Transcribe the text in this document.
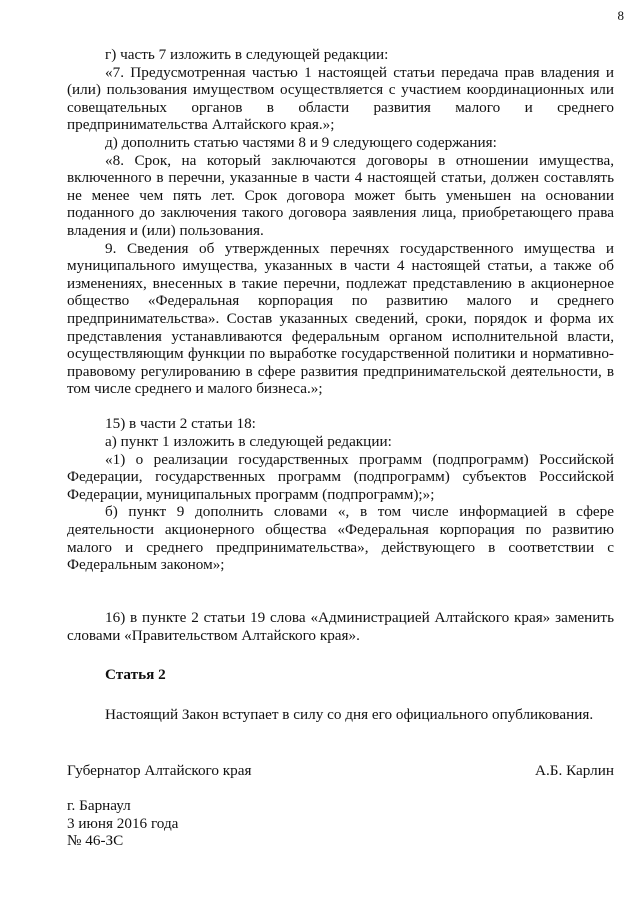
8

г) часть 7 изложить в следующей редакции:

«7. Предусмотренная частью 1 настоящей статьи передача прав владения и (или) пользования имуществом осуществляется с участием координационных или совещательных органов в области развития малого и среднего предпринимательства Алтайского края.»;

д) дополнить статью частями 8 и 9 следующего содержания:

«8. Срок, на который заключаются договоры в отношении имущества, включенного в перечни, указанные в части 4 настоящей статьи, должен составлять не менее чем пять лет. Срок договора может быть уменьшен на основании поданного до заключения такого договора заявления лица, приобретающего права владения и (или) пользования.

9. Сведения об утвержденных перечнях государственного имущества и муниципального имущества, указанных в части 4 настоящей статьи, а также об изменениях, внесенных в такие перечни, подлежат представлению в акционерное общество «Федеральная корпорация по развитию малого и среднего предпринимательства». Состав указанных сведений, сроки, порядок и форма их представления устанавливаются федеральным органом исполнительной власти, осуществляющим функции по выработке государственной политики и нормативно-правовому регулированию в сфере развития предпринимательской деятельности, в том числе среднего и малого бизнеса.»;

15) в части 2 статьи 18:

а) пункт 1 изложить в следующей редакции:

«1) о реализации государственных программ (подпрограмм) Российской Федерации, государственных программ (подпрограмм) субъектов Российской Федерации, муниципальных программ (подпрограмм);»;

б) пункт 9 дополнить словами «, в том числе информацией в сфере деятельности акционерного общества «Федеральная корпорация по развитию малого и среднего предпринимательства», действующего в соответствии с Федеральным законом»;

16) в пункте 2 статьи 19 слова «Администрацией Алтайского края» заменить словами «Правительством Алтайского края».

Статья 2

Настоящий Закон вступает в силу со дня его официального опубликования.

Губернатор Алтайского края	А.Б. Карлин
г. Барнаул
3 июня 2016 года
№ 46-ЗС
